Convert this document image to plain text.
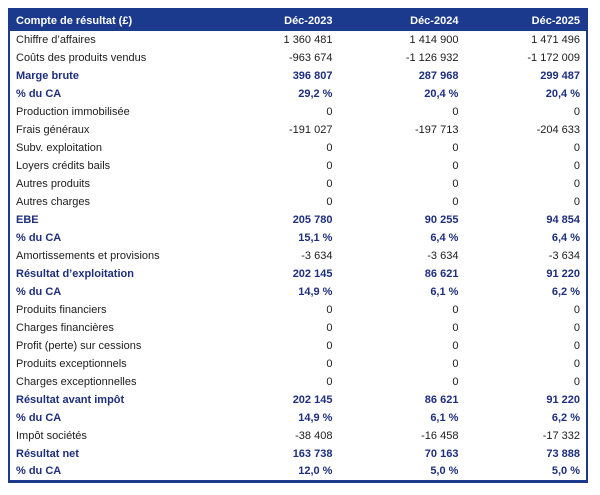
Compte de résultat (£)	Déc-2023	Déc-2024	Déc-2025
Chiffre d’affaires	1 360 481	1 414 900	1 471 496
Coûts des produits vendus	-963 674	-1 126 932	-1 172 009
Marge brute	396 807	287 968	299 487
% du CA	29,2 %	20,4 %	20,4 %
Production immobilisée	0	0	0
Frais généraux	-191 027	-197 713	-204 633
Subv. exploitation	0	0	0
Loyers crédits bails	0	0	0
Autres produits	0	0	0
Autres charges	0	0	0
EBE	205 780	90 255	94 854
% du CA	15,1 %	6,4 %	6,4 %
Amortissements et provisions	-3 634	-3 634	-3 634
Résultat d’exploitation	202 145	86 621	91 220
% du CA	14,9 %	6,1 %	6,2 %
Produits financiers	0	0	0
Charges financières	0	0	0
Profit (perte) sur cessions	0	0	0
Produits exceptionnels	0	0	0
Charges exceptionnelles	0	0	0
Résultat avant impôt	202 145	86 621	91 220
% du CA	14,9 %	6,1 %	6,2 %
Impôt sociétés	-38 408	-16 458	-17 332
Résultat net	163 738	70 163	73 888
% du CA	12,0 %	5,0 %	5,0 %
